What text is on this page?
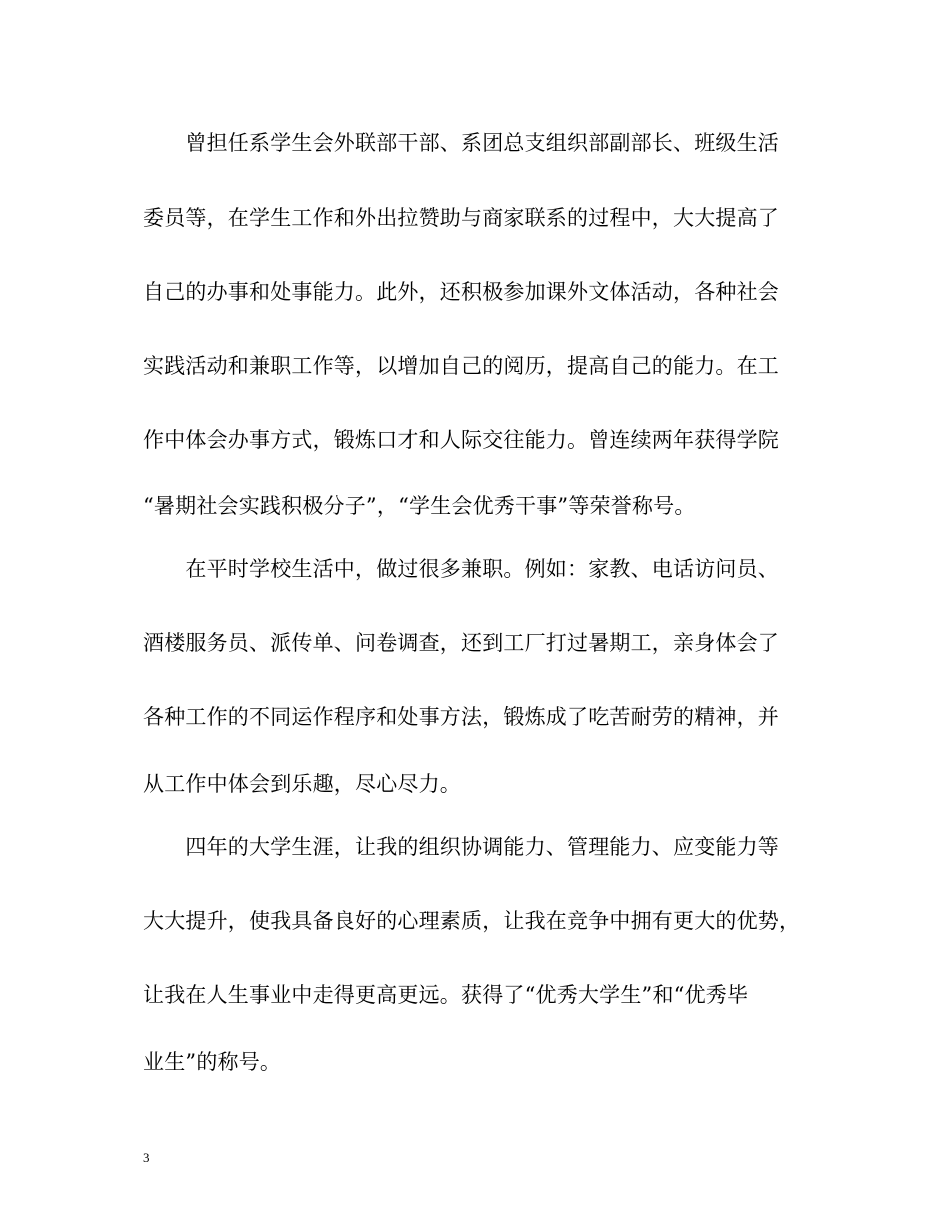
　　曾担任系学生会外联部干部、系团总支组织部副部长、班级生活
委员等，在学生工作和外出拉赞助与商家联系的过程中，大大提高了
自己的办事和处事能力。此外，还积极参加课外文体活动，各种社会
实践活动和兼职工作等，以增加自己的阅历，提高自己的能力。在工
作中体会办事方式，锻炼口才和人际交往能力。曾连续两年获得学院
“暑期社会实践积极分子”，“学生会优秀干事”等荣誉称号。
　　在平时学校生活中，做过很多兼职。例如：家教、电话访问员、
酒楼服务员、派传单、问卷调查，还到工厂打过暑期工，亲身体会了
各种工作的不同运作程序和处事方法，锻炼成了吃苦耐劳的精神，并
从工作中体会到乐趣，尽心尽力。
　　四年的大学生涯，让我的组织协调能力、管理能力、应变能力等
大大提升，使我具备良好的心理素质，让我在竞争中拥有更大的优势，
让我在人生事业中走得更高更远。获得了“优秀大学生”和“优秀毕
业生”的称号。
3
